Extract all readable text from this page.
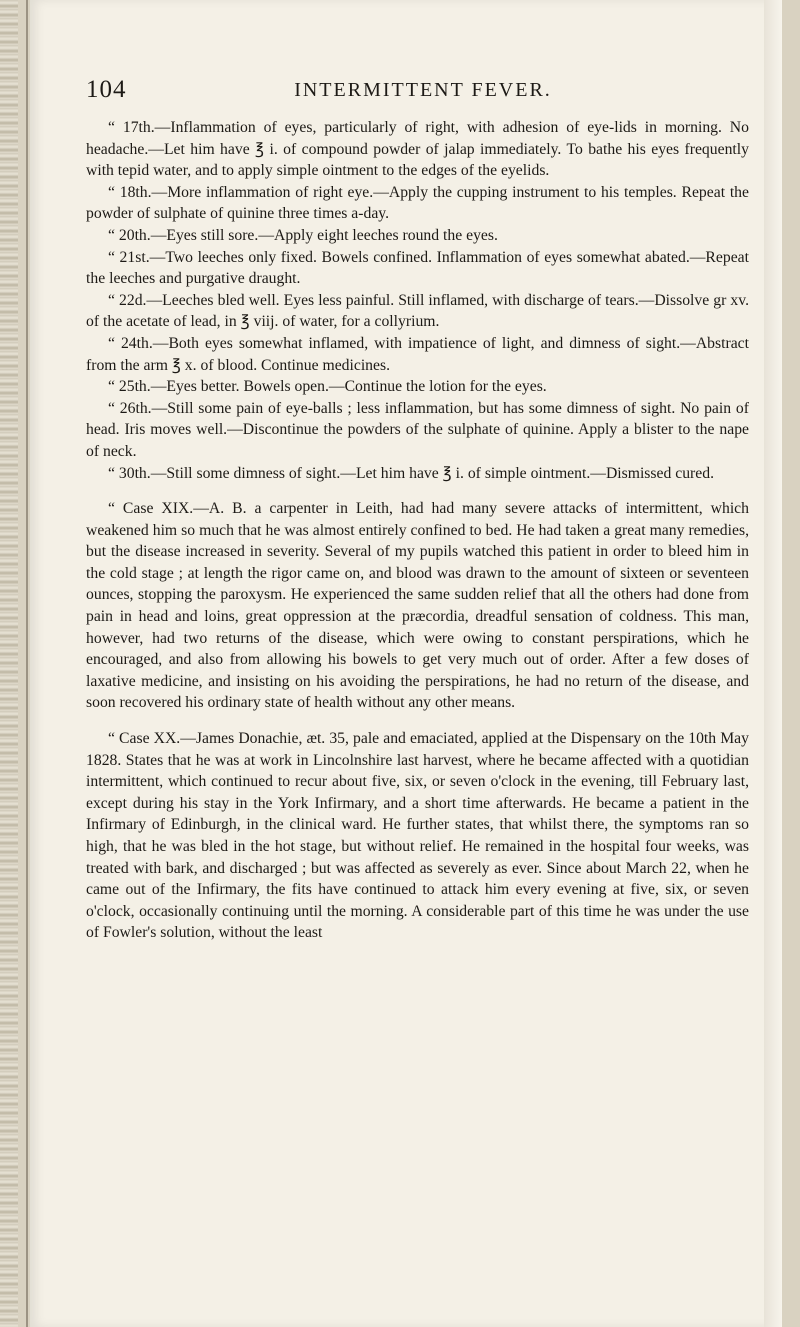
104	INTERMITTENT FEVER.

“ 17th.—Inflammation of eyes, particularly of right, with adhesion of eye-lids in morning. No headache.—Let him have ℥ i. of compound powder of jalap immediately. To bathe his eyes frequently with tepid water, and to apply simple ointment to the edges of the eyelids.

“ 18th.—More inflammation of right eye.—Apply the cupping instrument to his temples. Repeat the powder of sulphate of quinine three times a-day.

“ 20th.—Eyes still sore.—Apply eight leeches round the eyes.

“ 21st.—Two leeches only fixed. Bowels confined. Inflammation of eyes somewhat abated.—Repeat the leeches and purgative draught.

“ 22d.—Leeches bled well. Eyes less painful. Still inflamed, with discharge of tears.—Dissolve gr xv. of the acetate of lead, in ℥ viij. of water, for a collyrium.

“ 24th.—Both eyes somewhat inflamed, with impatience of light, and dimness of sight.—Abstract from the arm ℥ x. of blood. Continue medicines.

“ 25th.—Eyes better. Bowels open.—Continue the lotion for the eyes.

“ 26th.—Still some pain of eye-balls ; less inflammation, but has some dimness of sight. No pain of head. Iris moves well.—Discontinue the powders of the sulphate of quinine. Apply a blister to the nape of neck.

“ 30th.—Still some dimness of sight.—Let him have ℥ i. of simple ointment.—Dismissed cured.

“ Case XIX.—A. B. a carpenter in Leith, had had many severe attacks of intermittent, which weakened him so much that he was almost entirely confined to bed. He had taken a great many remedies, but the disease increased in severity. Several of my pupils watched this patient in order to bleed him in the cold stage ; at length the rigor came on, and blood was drawn to the amount of sixteen or seventeen ounces, stopping the paroxysm. He experienced the same sudden relief that all the others had done from pain in head and loins, great oppression at the præcordia, dreadful sensation of coldness. This man, however, had two returns of the disease, which were owing to constant perspirations, which he encouraged, and also from allowing his bowels to get very much out of order. After a few doses of laxative medicine, and insisting on his avoiding the perspirations, he had no return of the disease, and soon recovered his ordinary state of health without any other means.

“ Case XX.—James Donachie, æt. 35, pale and emaciated, applied at the Dispensary on the 10th May 1828. States that he was at work in Lincolnshire last harvest, where he became affected with a quotidian intermittent, which continued to recur about five, six, or seven o'clock in the evening, till February last, except during his stay in the York Infirmary, and a short time afterwards. He became a patient in the Infirmary of Edinburgh, in the clinical ward. He further states, that whilst there, the symptoms ran so high, that he was bled in the hot stage, but without relief. He remained in the hospital four weeks, was treated with bark, and discharged ; but was affected as severely as ever. Since about March 22, when he came out of the Infirmary, the fits have continued to attack him every evening at five, six, or seven o'clock, occasionally continuing until the morning. A considerable part of this time he was under the use of Fowler's solution, without the least
